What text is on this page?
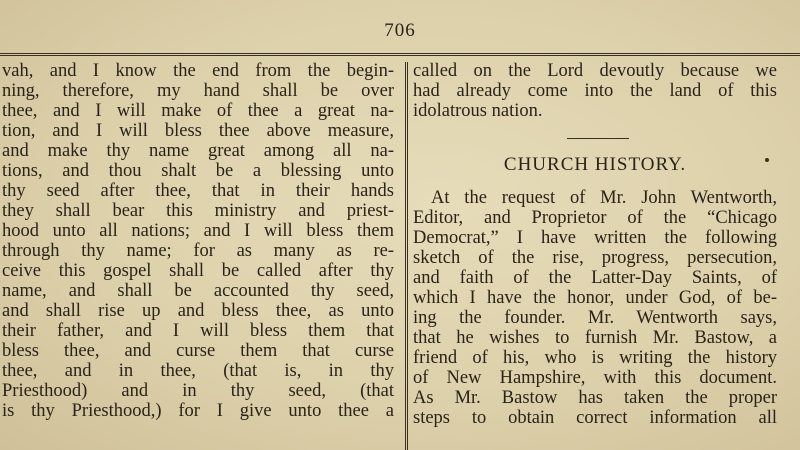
706
vah, and I know the end from the begin-
ning, therefore, my hand shall be over
thee, and I will make of thee a great na-
tion, and I will bless thee above measure,
and make thy name great among all na-
tions, and thou shalt be a blessing unto
thy seed after thee, that in their hands
they shall bear this ministry and priest-
hood unto all nations; and I will bless them
through thy name; for as many as re-
ceive this gospel shall be called after thy
name, and shall be accounted thy seed,
and shall rise up and bless thee, as unto
their father, and I will bless them that
bless thee, and curse them that curse
thee, and in thee, (that is, in thy
Priesthood) and in thy seed, (that
is thy Priesthood,) for I give unto thee a
called on the Lord devoutly because we
had already come into the land of this
idolatrous nation.
CHURCH HISTORY.
At the request of Mr. John Wentworth,
Editor, and Proprietor of the “Chicago
Democrat,” I have written the following
sketch of the rise, progress, persecution,
and faith of the Latter-Day Saints, of
which I have the honor, under God, of be-
ing the founder. Mr. Wentworth says,
that he wishes to furnish Mr. Bastow, a
friend of his, who is writing the history
of New Hampshire, with this document.
As Mr. Bastow has taken the proper
steps to obtain correct information all
